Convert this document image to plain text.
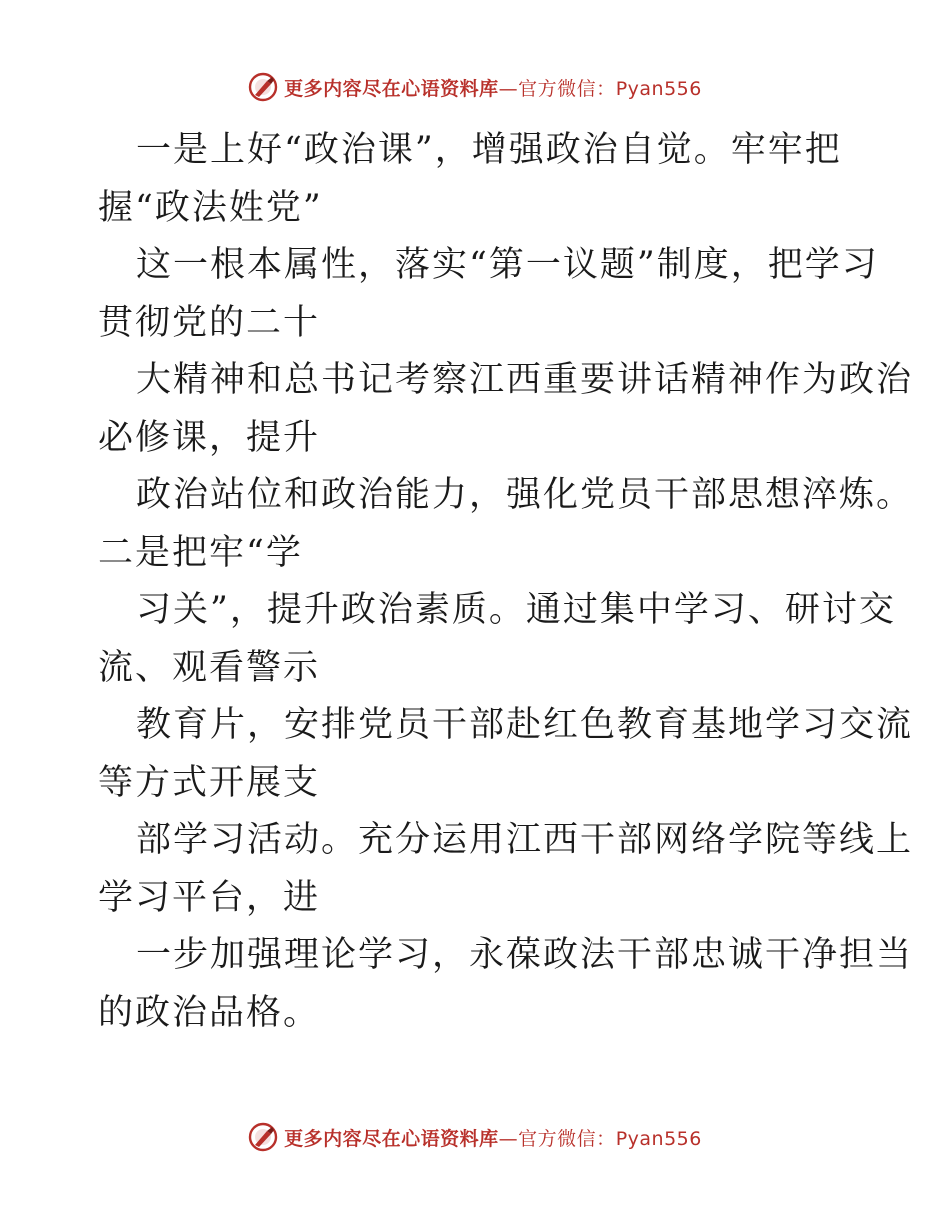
更多内容尽在心语资料库—官方微信：Pyan556
一是上好“政治课”，增强政治自觉。牢牢把
握“政法姓党”
这一根本属性，落实“第一议题”制度，把学习
贯彻党的二十
大精神和总书记考察江西重要讲话精神作为政治
必修课，提升
政治站位和政治能力，强化党员干部思想淬炼。
二是把牢“学
习关”，提升政治素质。通过集中学习、研讨交
流、观看警示
教育片，安排党员干部赴红色教育基地学习交流
等方式开展支
部学习活动。充分运用江西干部网络学院等线上
学习平台，进
一步加强理论学习，永葆政法干部忠诚干净担当
的政治品格。
更多内容尽在心语资料库—官方微信：Pyan556
